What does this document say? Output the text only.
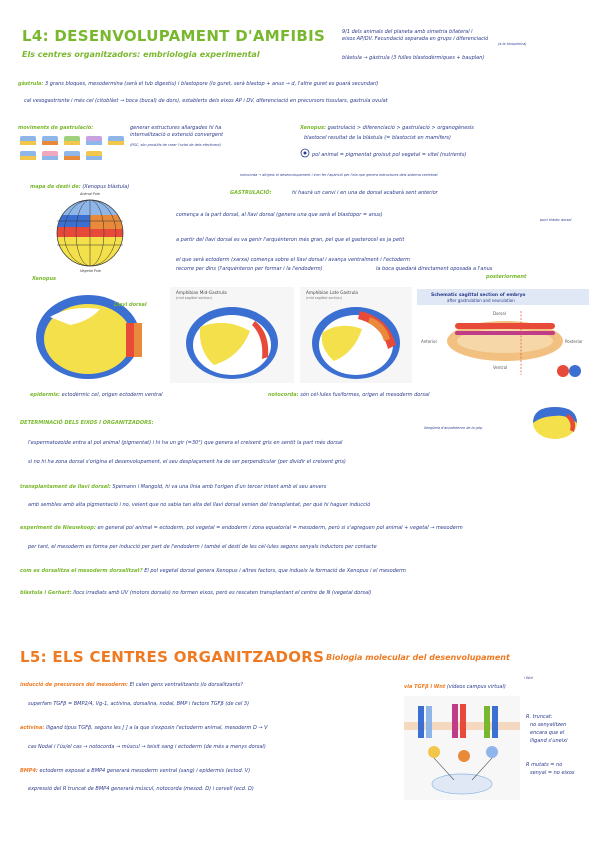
L4: DESENVOLUPAMENT D'AMFIBIS
Els centres organitzadors: embriologia experimental
9/1 dels animals del planeta amb simetria bilateral i
eixos AP/DV. Fecundació separada en grups i diferenciació
(a la bioquímica)
blàstula → gàstrula (3 fulles blastodèrmiques + bauplan)
gàstrula: 3 grans bloques, mesodermina (serà el tub digestiu) i blastopore (lo guret, serà blastop + anus → d, l'altre guret es guarà secundari)
cal vesogastrisnte i més cel (citoblàst → boca (bucal) de dors), establerts dels eixos AP i DV, diferenciació en precursors tissulars, gastrula ovulat
moviments de gastrulació:	generar estructures allargades hi ha
internalització o extensió convergent
(PGC, són produïts de crear l'ovàri de dels efectivent)
Xenopus: gastrulació > diferenciació > gastrulació > organogènesis
blastocel resultat de la blàstula (= blastocist en mamífers)
pol animal = pigmentat groixut pol vegetal = vitel (nutrients)
notocorda → dirigeix el desenvolupament i s'en fer l'aparició per l'ela que genera estructures dels sistema vertebrat
mapa de destí de: (Xenopus blàstula)
Animal Pole
Vegetal Pole
Xenopus
GASTRULACIÓ:	hi haurà un canvi i en una de dorsal acabarà sent anterior
comença a la part dorsal, al llavi dorsal (genera una que serà el blastopor = anus)
punt blàstic dorsal
a partir del llavi dorsal es va genir l'arquénteron més gran, pel que el gasterocel es ja petit
el que serà ectoderm (xarxa) comença sobre el llavi dorsal i avança ventralment i l'ectoderm
recorre per dins (l'arquénteron per formar i la l'endoderm)	la boca quedarà directament oposada a l'anus
posteriorment
Llavi dorsal
Amphibian Mid-Gastrula
(mid sagittal section)
Amphibian Late Gastrula
(mid sagittal section)	Schematic sagittal section of embryo
after gastrulation and neurulation
Dorsal
Anterior	Posterior
Ventral
epidermis: ectodèrmic cel, origen ectoderm ventral	notocorda: són cèl·lules fusiformes, origen al mesoderm dorsal
DETERMINACIÓ DELS EIXOS I ORGANITZADORS:
llengüeta d'arquénteron de la grip
l'espermatozoide entra al pol animal (pigmentat) i hi ha un gir (=30°) que genera el creixent gris en sentit la part més dorsal
si no hi ha zona dorsal s'origina el desenvolupament, el seu desplaçament ha de ser perpendicular (per dividir el creixent gris)
transplantament de llavi dorsal: Spemann i Mangold, hi va una línia amb l'origen d'un tercer intent amb el seu anvers
amb sembles amb alta pigmentació i no, veient que no sabia tan alta del llavi dorsal venien del transplantat, per què hi haguer inducció
experiment de Nieuwkoop: en general pol animal = ectoderm, pol vegetal = endoderm i zona equatorial = mesoderm, però si s'agreguen pol animal + vegetal → mesoderm
per tant, el mesoderm es forma per inducció per part de l'endoderm i també el destí de les cèl·lules segons senyals inductors per contacte
com es dorsalitza el mesoderm dorsalitzat? El pol vegetal dorsal genera Xenopus i altres factors, que indueix la formació de Xenopus i el mesoderm
blàstula i Gerhart: llocs irradiats amb UV (motors dorsals) no formen eixos, però es rescaten transplantant el centre de N (vegetal dorsal)
L5: ELS CENTRES ORGANITZADORS Biologia molecular del desenvolupament
inducció de precursors del mesoderm: El calen gens ventralitzants i/o dorsalitzants?
superfam TGFβ = BMP2/4, Vg-1, activina, dorsalina, nodal, BMP i factors TGFβ (de cel 3)
activina: lligand tipus TGFβ, segons les [ ] a la que s'exposin l'ectoderm animal, mesoderm D → V
cas Nodal i l'ús/el cas → notocorda → múscul → teixit sang i ectoderm (de més a menys dorsal)
BMP4: ectoderm exposat a BMP4 generarà mesoderm ventral (sang) i epidermis (ectod. V)
expressió del R truncat de BMP4 generarà múscul, notocorda (mesod. D) i cervell (ecd. D)
via TGFβ i Wnt (vídeos campus virtual)
i Wnt
R. truncat:
no senyalitzen
encara que el
lligand s'uneixi
R mutats = no
senyal = no eixos
